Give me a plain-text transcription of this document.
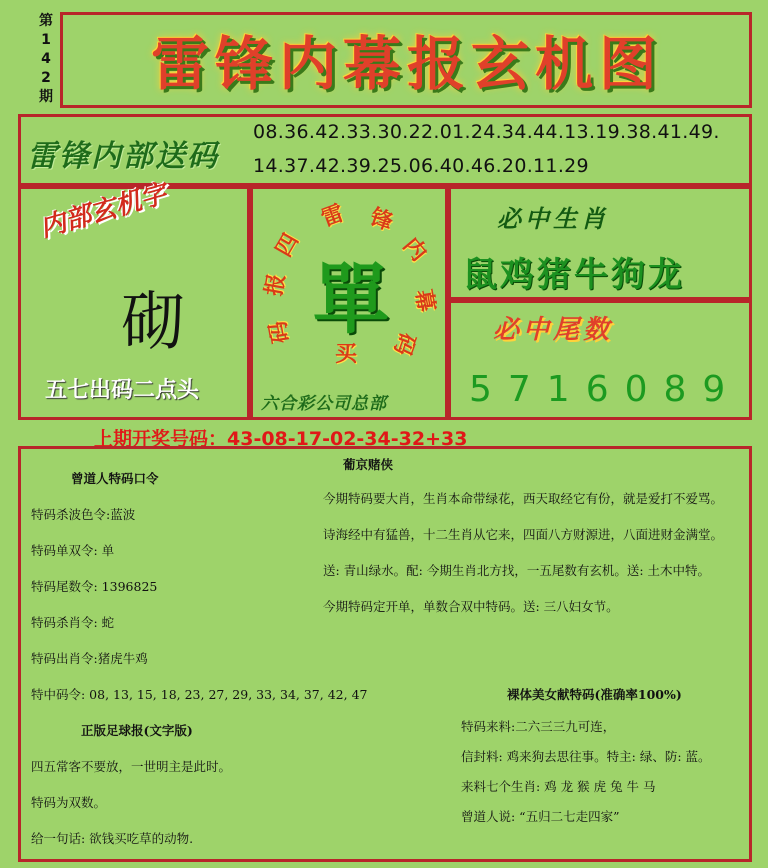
第
1
4
2
期	雷锋内幕报玄机图
雷锋内部送码
08.36.42.33.30.22.01.24.34.44.13.19.38.41.49.
14.37.42.39.25.06.40.46.20.11.29
内部玄机字
砌
五七出码二点头
四
雷 锋
内
幕
报
码
买 码
單
六合彩公司总部
必中生肖
鼠鸡猪牛狗龙
必中尾数
5716089
上期开奖号码：43-08-17-02-34-32+33
曾道人特码口令
特码杀波色令:蓝波
特码单双令: 单
特码尾数令: 1396825
特码杀肖令: 蛇
特码出肖令:猪虎牛鸡
特中码令: 08, 13, 15, 18, 23, 27, 29, 33, 34, 37, 42, 47
正版足球报(文字版)
四五常客不要放，一世明主是此时。
特码为双数。
给一句话: 欲钱买吃草的动物.
葡京赌侠
今期特码要大肖，生肖本命带绿花，西天取经它有份，就是爱打不爱骂。
诗海经中有猛兽，十二生肖从它来，四面八方财源进，八面进财金满堂。
送: 青山绿水。配: 今期生肖北方找，一五尾数有玄机。送: 土木中特。
今期特码定开单，单数合双中特码。送: 三八妇女节。
裸体美女献特码(准确率100%)
特码来料:二六三三九可连，
信封料: 鸡来狗去思往事。特主: 绿、防: 蓝。
来料七个生肖: 鸡 龙 猴 虎 兔 牛 马
曾道人说: “五归二七走四家”
